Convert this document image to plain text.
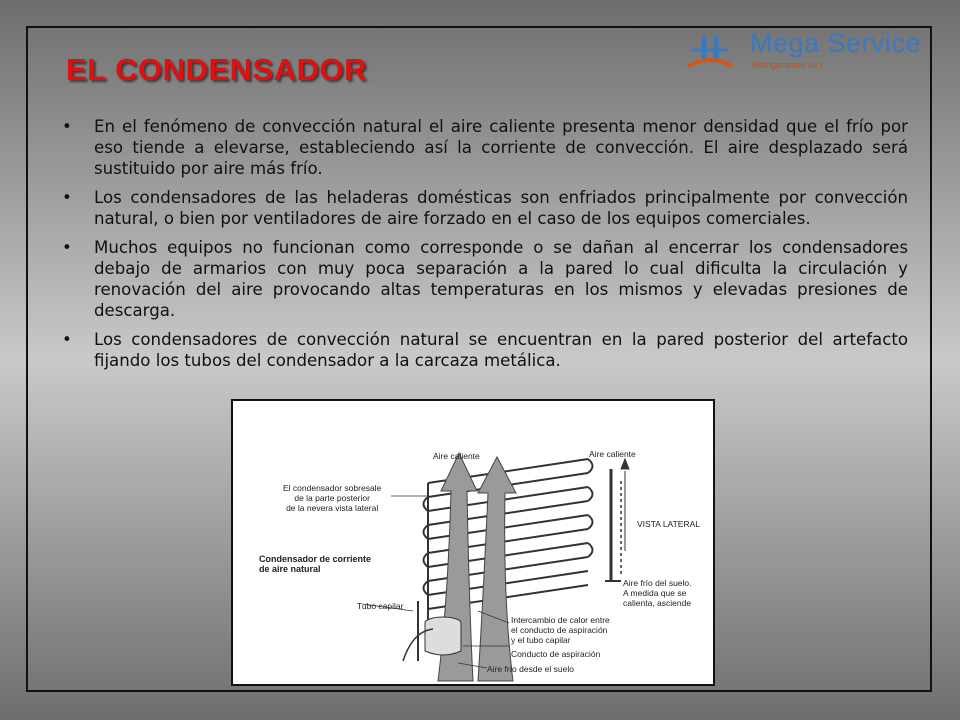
EL CONDENSADOR
Mega Service
Refrigeración s.r.l.
• En el fenómeno de convección natural el aire caliente presenta menor densidad que el frío por eso tiende a elevarse, estableciendo así la corriente de convección. El aire desplazado será sustituido por aire más frío.
• Los condensadores de las heladeras domésticas son enfriados principalmente por convección natural, o bien por ventiladores de aire forzado en el caso de los equipos comerciales.
• Muchos equipos no funcionan como corresponde o se dañan al encerrar los condensadores debajo de armarios con muy poca separación a la pared lo cual dificulta la circulación y renovación del aire provocando altas temperaturas en los mismos y elevadas presiones de descarga.
• Los condensadores de convección natural se encuentran en la pared posterior del artefacto fijando los tubos del condensador a la carcaza metálica.
Aire caliente
El condensador sobresale
de la parte posterior
de la nevera vista lateral
Condensador de corriente
de aire natural
Tubo capilar
Intercambio de calor entre
el conducto de aspiración
y el tubo capilar
Conducto de aspiración
Aire frío desde el suelo
Aire caliente
VISTA LATERAL
Aire frío del suelo.
A medida que se
calienta, asciende
